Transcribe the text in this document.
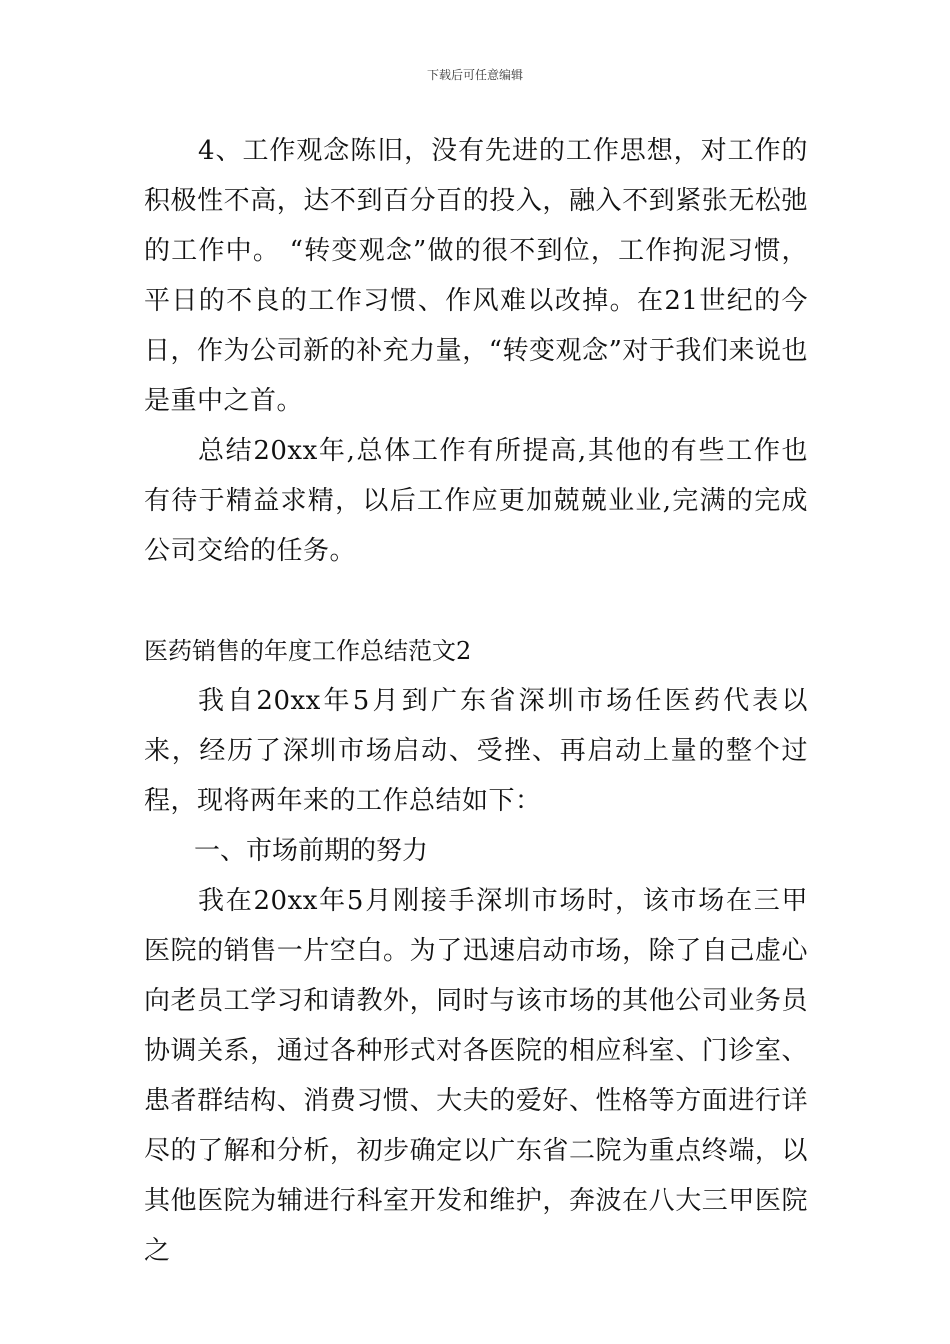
下载后可任意编辑

4、工作观念陈旧，没有先进的工作思想，对工作的积极性不高，达不到百分百的投入，融入不到紧张无松弛的工作中。 “转变观念”做的很不到位，工作拘泥习惯，平日的不良的工作习惯、作风难以改掉。在21世纪的今日，作为公司新的补充力量，“转变观念”对于我们来说也是重中之首。

总结20xx年,总体工作有所提高,其他的有些工作也有待于精益求精，以后工作应更加兢兢业业,完满的完成公司交给的任务。

医药销售的年度工作总结范文2

我自20xx年5月到广东省深圳市场任医药代表以来，经历了深圳市场启动、受挫、再启动上量的整个过程，现将两年来的工作总结如下：

一、市场前期的努力

我在20xx年5月刚接手深圳市场时，该市场在三甲医院的销售一片空白。为了迅速启动市场，除了自己虚心向老员工学习和请教外，同时与该市场的其他公司业务员协调关系，通过各种形式对各医院的相应科室、门诊室、患者群结构、消费习惯、大夫的爱好、性格等方面进行详尽的了解和分析，初步确定以广东省二院为重点终端，以其他医院为辅进行科室开发和维护，奔波在八大三甲医院之
